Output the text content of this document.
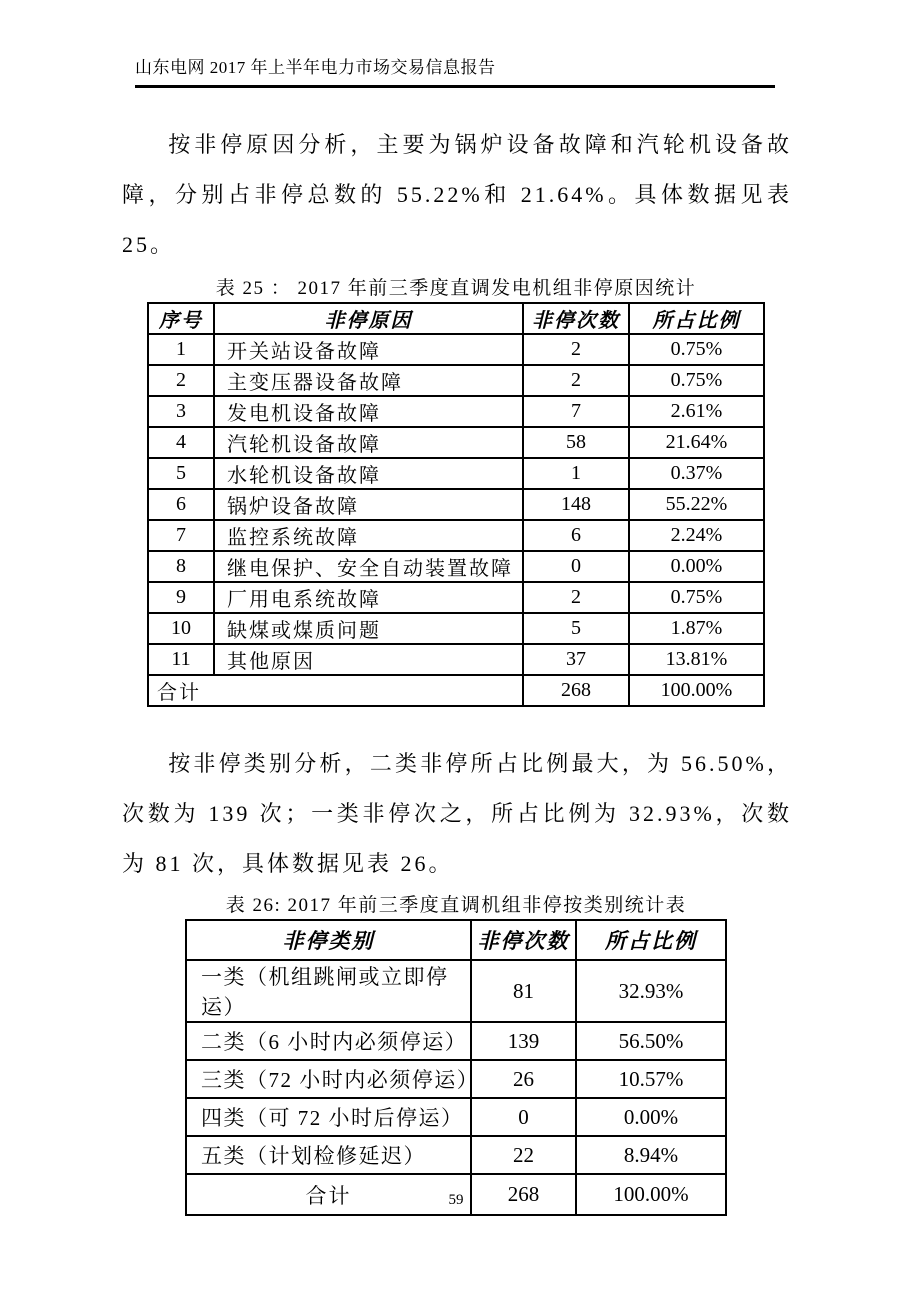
山东电网 2017 年上半年电力市场交易信息报告

按非停原因分析，主要为锅炉设备故障和汽轮机设备故障，分别占非停总数的 55.22%和 21.64%。具体数据见表 25。

表 25 ： 2017 年前三季度直调发电机组非停原因统计
序号	非停原因	非停次数	所占比例
1	开关站设备故障	2	0.75%
2	主变压器设备故障	2	0.75%
3	发电机设备故障	7	2.61%
4	汽轮机设备故障	58	21.64%
5	水轮机设备故障	1	0.37%
6	锅炉设备故障	148	55.22%
7	监控系统故障	6	2.24%
8	继电保护、安全自动装置故障	0	0.00%
9	厂用电系统故障	2	0.75%
10	缺煤或煤质问题	5	1.87%
11	其他原因	37	13.81%
合计		268	100.00%

按非停类别分析，二类非停所占比例最大，为 56.50%，次数为 139 次；一类非停次之，所占比例为 32.93%，次数为 81 次，具体数据见表 26。

表 26: 2017 年前三季度直调机组非停按类别统计表
非停类别	非停次数	所占比例
一类（机组跳闸或立即停运）	81	32.93%
二类（6 小时内必须停运）	139	56.50%
三类（72 小时内必须停运）	26	10.57%
四类（可 72 小时后停运）	0	0.00%
五类（计划检修延迟）	22	8.94%
合计	268	100.00%
59
